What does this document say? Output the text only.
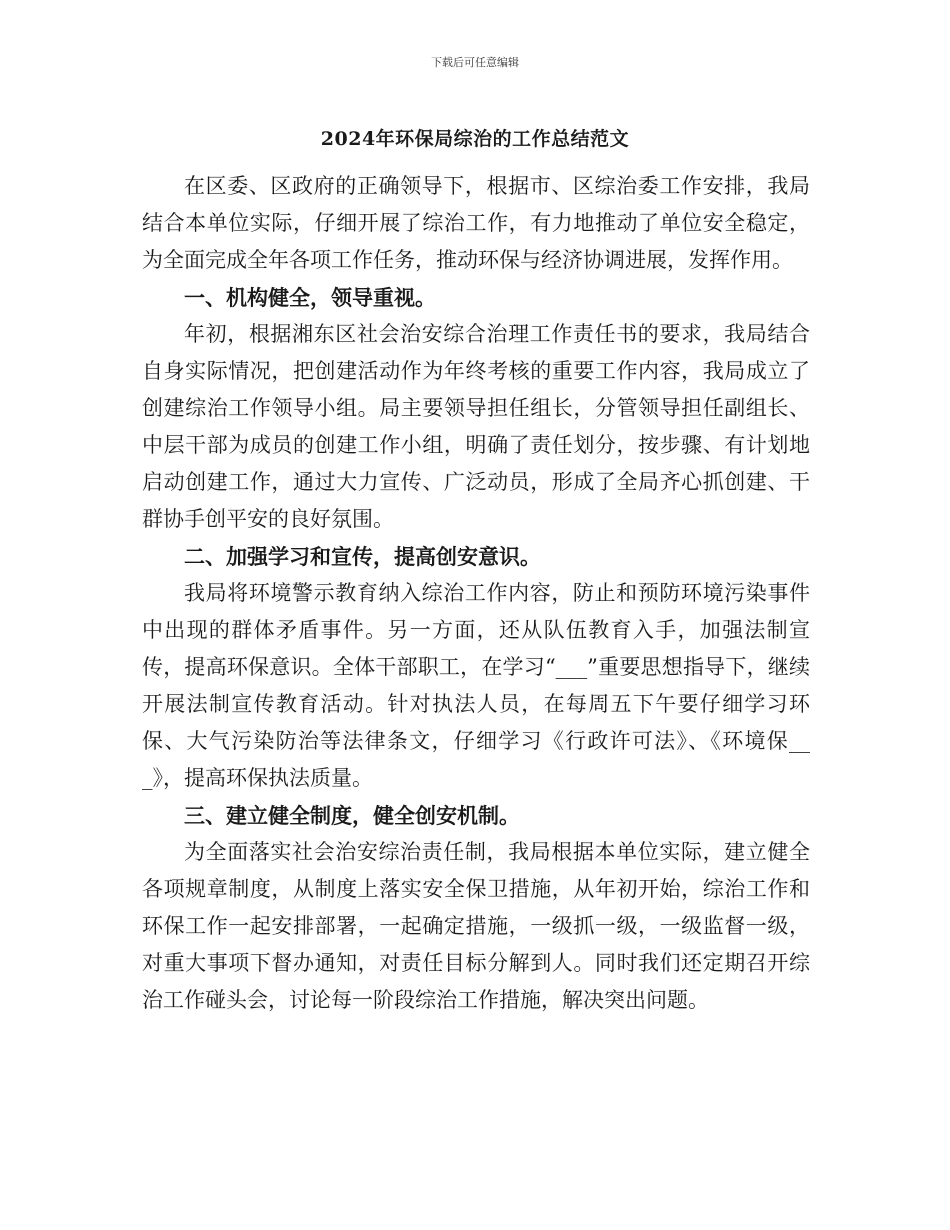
下载后可任意编辑
2024年环保局综治的工作总结范文

在区委、区政府的正确领导下，根据市、区综治委工作安排，我局结合本单位实际，仔细开展了综治工作，有力地推动了单位安全稳定，为全面完成全年各项工作任务，推动环保与经济协调进展，发挥作用。

一、机构健全，领导重视。

年初，根据湘东区社会治安综合治理工作责任书的要求，我局结合自身实际情况，把创建活动作为年终考核的重要工作内容，我局成立了创建综治工作领导小组。局主要领导担任组长，分管领导担任副组长、中层干部为成员的创建工作小组，明确了责任划分，按步骤、有计划地启动创建工作，通过大力宣传、广泛动员，形成了全局齐心抓创建、干群协手创平安的良好氛围。

二、加强学习和宣传，提高创安意识。

我局将环境警示教育纳入综治工作内容，防止和预防环境污染事件中出现的群体矛盾事件。另一方面，还从队伍教育入手，加强法制宣传，提高环保意识。全体干部职工，在学习“___”重要思想指导下，继续开展法制宣传教育活动。针对执法人员，在每周五下午要仔细学习环保、大气污染防治等法律条文，仔细学习《行政许可法》、《环境保___》，提高环保执法质量。

三、建立健全制度，健全创安机制。

为全面落实社会治安综治责任制，我局根据本单位实际，建立健全各项规章制度，从制度上落实安全保卫措施，从年初开始，综治工作和环保工作一起安排部署，一起确定措施，一级抓一级，一级监督一级，对重大事项下督办通知，对责任目标分解到人。同时我们还定期召开综治工作碰头会，讨论每一阶段综治工作措施，解决突出问题。
